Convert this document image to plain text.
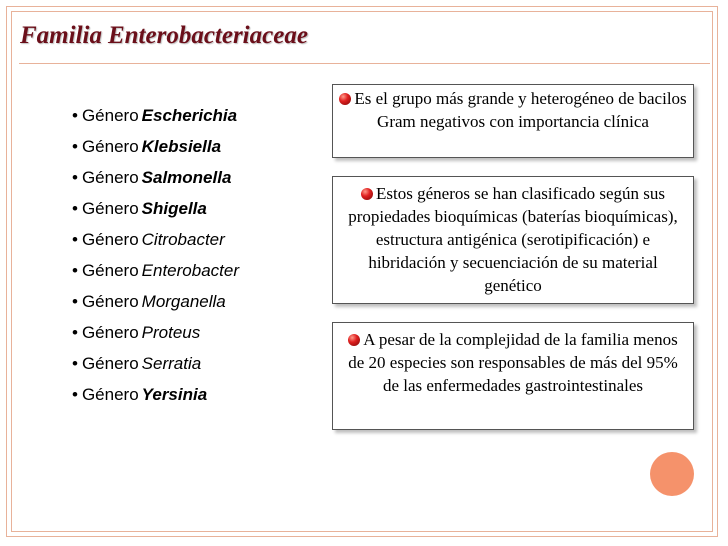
Familia Enterobacteriaceae
• Género Escherichia
• Género Klebsiella
• Género Salmonella
• Género Shigella
• Género Citrobacter
• Género Enterobacter
• Género Morganella
• Género Proteus
• Género Serratia
• Género Yersinia
Es el grupo más grande y heterogéneo de bacilos Gram negativos con importancia clínica
Estos géneros se han clasificado según sus propiedades bioquímicas (baterías bioquímicas), estructura antigénica (serotipificación) e hibridación y secuenciación de su material genético
A pesar de la complejidad de la familia menos de 20 especies son responsables de más del 95% de las enfermedades gastrointestinales
